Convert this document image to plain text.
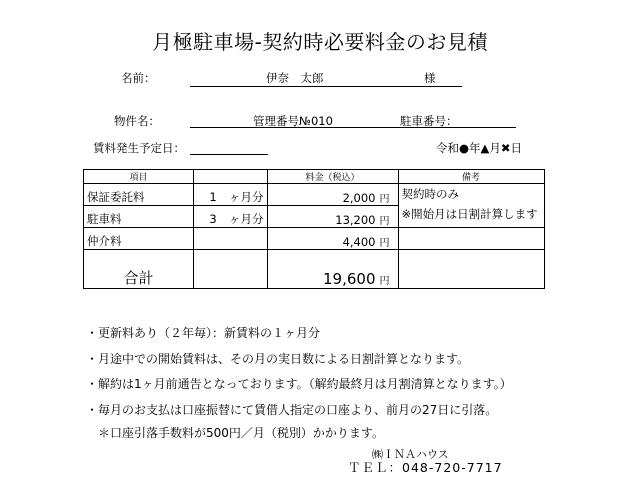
月極駐車場-契約時必要料金のお見積
名前：	伊奈　太郎	様
物件名：	管理番号№010	駐車番号：
賃料発生予定日：	令和●年▲月✖日
項目		料金（税込）	備考
保証委託料	1 ヶ月分	2,000 円	契約時のみ
※開始月は日割計算します

駐車料	3 ヶ月分	13,200 円	
仲介料		4,400 円	
合計		19,600 円	
・更新料あり（２年毎）：新賃料の１ヶ月分
・月途中での開始賃料は、その月の実日数による日割計算となります。
・解約は1ヶ月前通告となっております。（解約最終月は月割清算となります。）
・毎月のお支払は口座振替にて賃借人指定の口座より、前月の27日に引落。
＊口座引落手数料が500円／月（税別）かかります。
㈱ＩＮＡハウス
ＴＥＬ：048-720-7717
